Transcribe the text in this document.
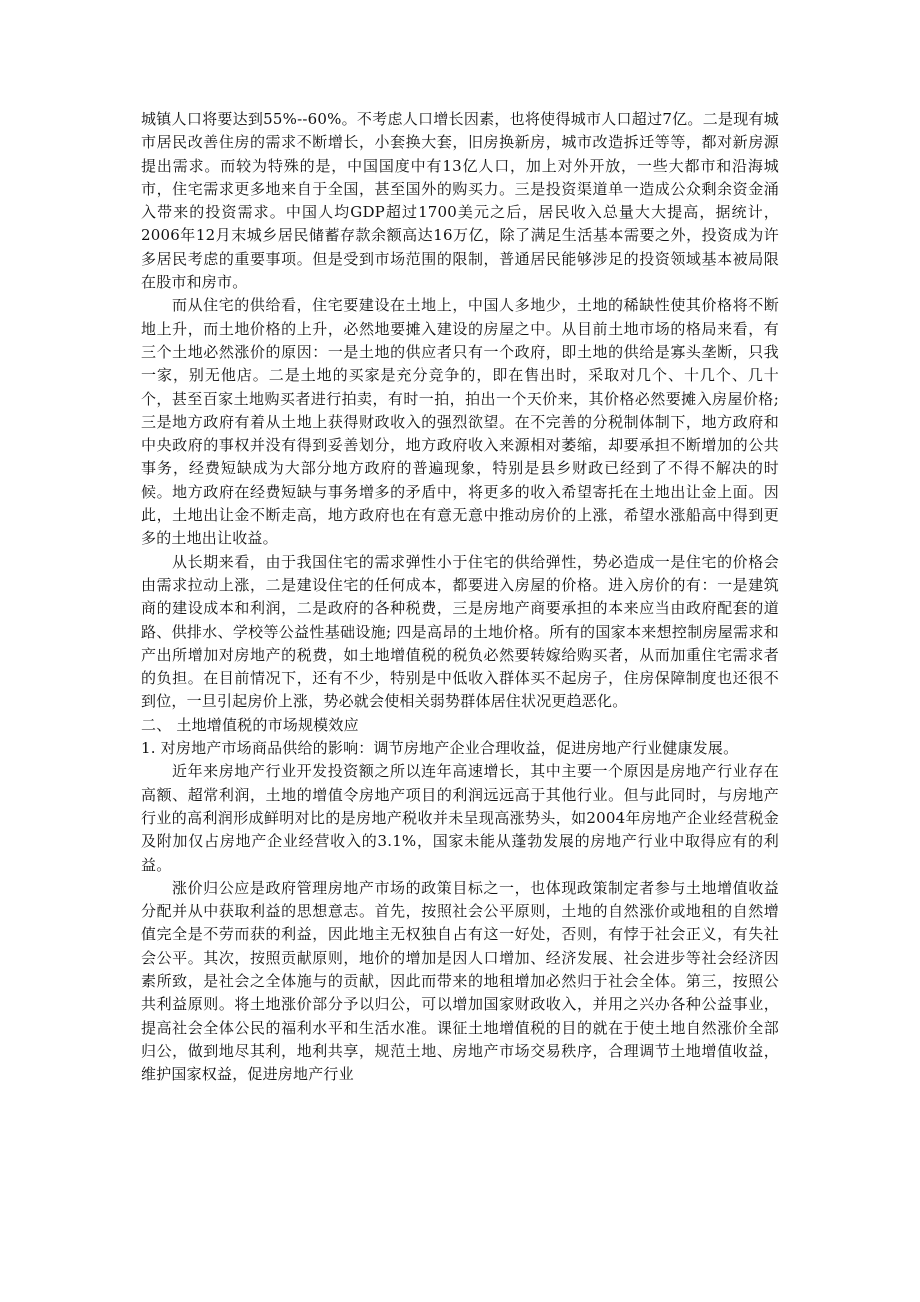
城镇人口将要达到55%--60%。不考虑人口增长因素，也将使得城市人口超过7亿。二是现有城市居民改善住房的需求不断增长，小套换大套，旧房换新房，城市改造拆迁等等，都对新房源提出需求。而较为特殊的是，中国国度中有13亿人口，加上对外开放，一些大都市和沿海城市，住宅需求更多地来自于全国，甚至国外的购买力。三是投资渠道单一造成公众剩余资金涌入带来的投资需求。中国人均GDP超过1700美元之后，居民收入总量大大提高，据统计，2006年12月末城乡居民储蓄存款余额高达16万亿，除了满足生活基本需要之外，投资成为许多居民考虑的重要事项。但是受到市场范围的限制，普通居民能够涉足的投资领域基本被局限在股市和房市。

而从住宅的供给看，住宅要建设在土地上，中国人多地少，土地的稀缺性使其价格将不断地上升，而土地价格的上升，必然地要摊入建设的房屋之中。从目前土地市场的格局来看，有三个土地必然涨价的原因：一是土地的供应者只有一个政府，即土地的供给是寡头垄断，只我一家，别无他店。二是土地的买家是充分竞争的，即在售出时，采取对几个、十几个、几十个，甚至百家土地购买者进行拍卖，有时一拍，拍出一个天价来，其价格必然要摊入房屋价格; 三是地方政府有着从土地上获得财政收入的强烈欲望。在不完善的分税制体制下，地方政府和中央政府的事权并没有得到妥善划分，地方政府收入来源相对萎缩，却要承担不断增加的公共事务，经费短缺成为大部分地方政府的普遍现象，特别是县乡财政已经到了不得不解决的时候。地方政府在经费短缺与事务增多的矛盾中，将更多的收入希望寄托在土地出让金上面。因此，土地出让金不断走高，地方政府也在有意无意中推动房价的上涨，希望水涨船高中得到更多的土地出让收益。

从长期来看，由于我国住宅的需求弹性小于住宅的供给弹性，势必造成一是住宅的价格会由需求拉动上涨，二是建设住宅的任何成本，都要进入房屋的价格。进入房价的有：一是建筑商的建设成本和利润，二是政府的各种税费，三是房地产商要承担的本来应当由政府配套的道路、供排水、学校等公益性基础设施; 四是高昂的土地价格。所有的国家本来想控制房屋需求和产出所增加对房地产的税费，如土地增值税的税负必然要转嫁给购买者，从而加重住宅需求者的负担。在目前情况下，还有不少，特别是中低收入群体买不起房子，住房保障制度也还很不到位，一旦引起房价上涨，势必就会使相关弱势群体居住状况更趋恶化。

二、 土地增值税的市场规模效应

1. 对房地产市场商品供给的影响：调节房地产企业合理收益，促进房地产行业健康发展。

近年来房地产行业开发投资额之所以连年高速增长，其中主要一个原因是房地产行业存在高额、超常利润，土地的增值令房地产项目的利润远远高于其他行业。但与此同时，与房地产行业的高利润形成鲜明对比的是房地产税收并未呈现高涨势头，如2004年房地产企业经营税金及附加仅占房地产企业经营收入的3.1%，国家未能从蓬勃发展的房地产行业中取得应有的利益。

涨价归公应是政府管理房地产市场的政策目标之一，也体现政策制定者参与土地增值收益分配并从中获取利益的思想意志。首先，按照社会公平原则，土地的自然涨价或地租的自然增值完全是不劳而获的利益，因此地主无权独自占有这一好处，否则，有悖于社会正义，有失社会公平。其次，按照贡献原则，地价的增加是因人口增加、经济发展、社会进步等社会经济因素所致，是社会之全体施与的贡献，因此而带来的地租增加必然归于社会全体。第三，按照公共利益原则。将土地涨价部分予以归公，可以增加国家财政收入，并用之兴办各种公益事业，提高社会全体公民的福利水平和生活水准。课征土地增值税的目的就在于使土地自然涨价全部归公，做到地尽其利，地利共享，规范土地、房地产市场交易秩序，合理调节土地增值收益，维护国家权益，促进房地产行业
